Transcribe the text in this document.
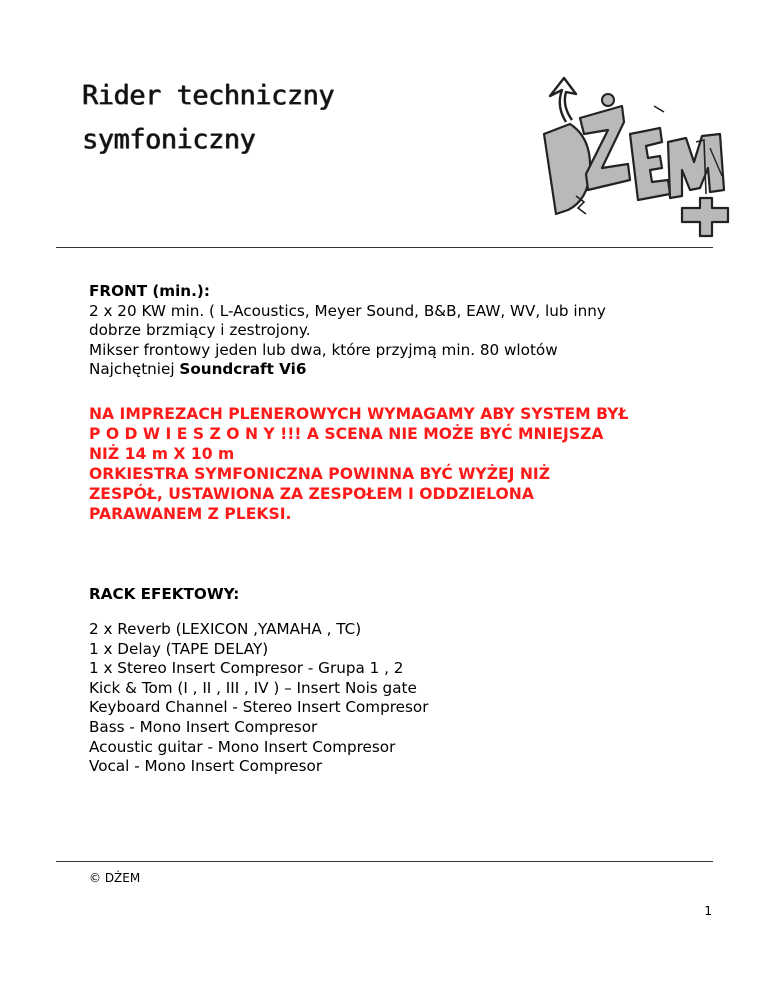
Rider techniczny
symfoniczny

FRONT (min.):

2 x 20 KW min. ( L-Acoustics, Meyer Sound, B&B, EAW, WV, lub inny

dobrze brzmiący i zestrojony.

Mikser frontowy jeden lub dwa, które przyjmą min. 80 wlotów

Najchętniej Soundcraft Vi6

NA IMPREZACH PLENEROWYCH WYMAGAMY ABY SYSTEM BYŁ

P O D W I E S Z O N Y !!! A SCENA NIE MOŻE BYĆ MNIEJSZA

NIŻ 14 m X 10 m

ORKIESTRA SYMFONICZNA POWINNA BYĆ WYŻEJ NIŻ

ZESPÓŁ, USTAWIONA ZA ZESPOŁEM I ODDZIELONA

PARAWANEM Z PLEKSI.

RACK EFEKTOWY:

2 x Reverb (LEXICON ,YAMAHA , TC)

1 x Delay (TAPE DELAY)

1 x Stereo Insert Compresor - Grupa 1 , 2

Kick & Tom (I , II , III , IV ) – Insert Nois gate

Keyboard Channel - Stereo Insert Compresor

Bass - Mono Insert Compresor

Acoustic guitar - Mono Insert Compresor

Vocal - Mono Insert Compresor

© DŻEM
1
